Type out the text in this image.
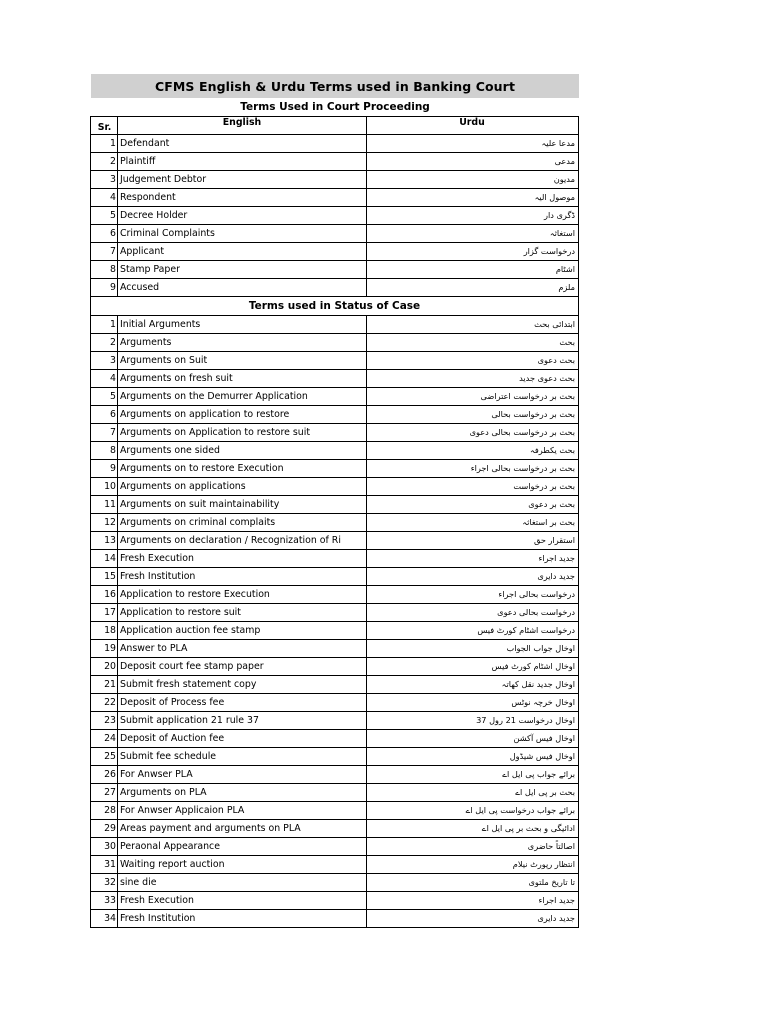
CFMS English & Urdu Terms used in Banking Court
Terms Used in Court Proceeding
Sr.	English	Urdu
1	Defendant	مدعا علیہ
2	Plaintiff	مدعی
3	Judgement Debtor	مدیون
4	Respondent	موصول الیہ
5	Decree Holder	ڈگری دار
6	Criminal Complaints	استغاثہ
7	Applicant	درخواست گزار
8	Stamp Paper	اشٹام
9	Accused	ملزم
Terms used in Status of Case		
1	Initial Arguments	ابتدائی بحث
2	Arguments	بحث
3	Arguments on Suit	بحث دعوی
4	Arguments on fresh suit	بحث دعوی جدید
5	Arguments on the Demurrer Application	بحث بر درخواست اعتراضی
6	Arguments on application to restore	بحث بر درخواست بحالی
7	Arguments on Application to restore suit	بحث بر درخواست بحالی دعوی
8	Arguments one sided	بحث یکطرفہ
9	Arguments on to restore Execution	بحث بر درخواست بحالی اجراء
10	Arguments on applications	بحث بر درخواست
11	Arguments on suit maintainability	بحث بر دعوی
12	Arguments on criminal complaits	بحث بر استغاثہ
13	Arguments on declaration / Recognization of Ri	استقرار حق
14	Fresh Execution	جدید اجراء
15	Fresh Institution	جدید دایری
16	Application to restore Execution	درخواست بحالی اجراء
17	Application to restore suit	درخواست بحالی دعوی
18	Application auction fee stamp	درخواست اشٹام کورٹ فیس
19	Answer to PLA	اوخال جواب الجواب
20	Deposit court fee stamp paper	اوخال اشٹام کورٹ فیس
21	Submit fresh statement copy	اوخال جدید نقل کھاتہ
22	Deposit of Process fee	اوخال خرچہ نوٹس
23	Submit application 21 rule 37	اوخال درخواست 21 رول 37
24	Deposit of Auction fee	اوخال فیس آکشن
25	Submit fee schedule	اوخال فیس شیڈول
26	For Anwser PLA	برائے جواب پی ایل اے
27	Arguments on PLA	بحث بر پی ایل اے
28	For Anwser Applicaion PLA	برائے جواب درخواست پی ایل اے
29	Areas payment and arguments on PLA	ادائیگی و بحث بر پی ایل اے
30	Peraonal Appearance	اصالتاً حاضری
31	Waiting report auction	انتظار رپورٹ نیلام
32	sine die	تا تاریخ ملتوی
33	Fresh Execution	جدید اجراء
34	Fresh Institution	جدید دایری
